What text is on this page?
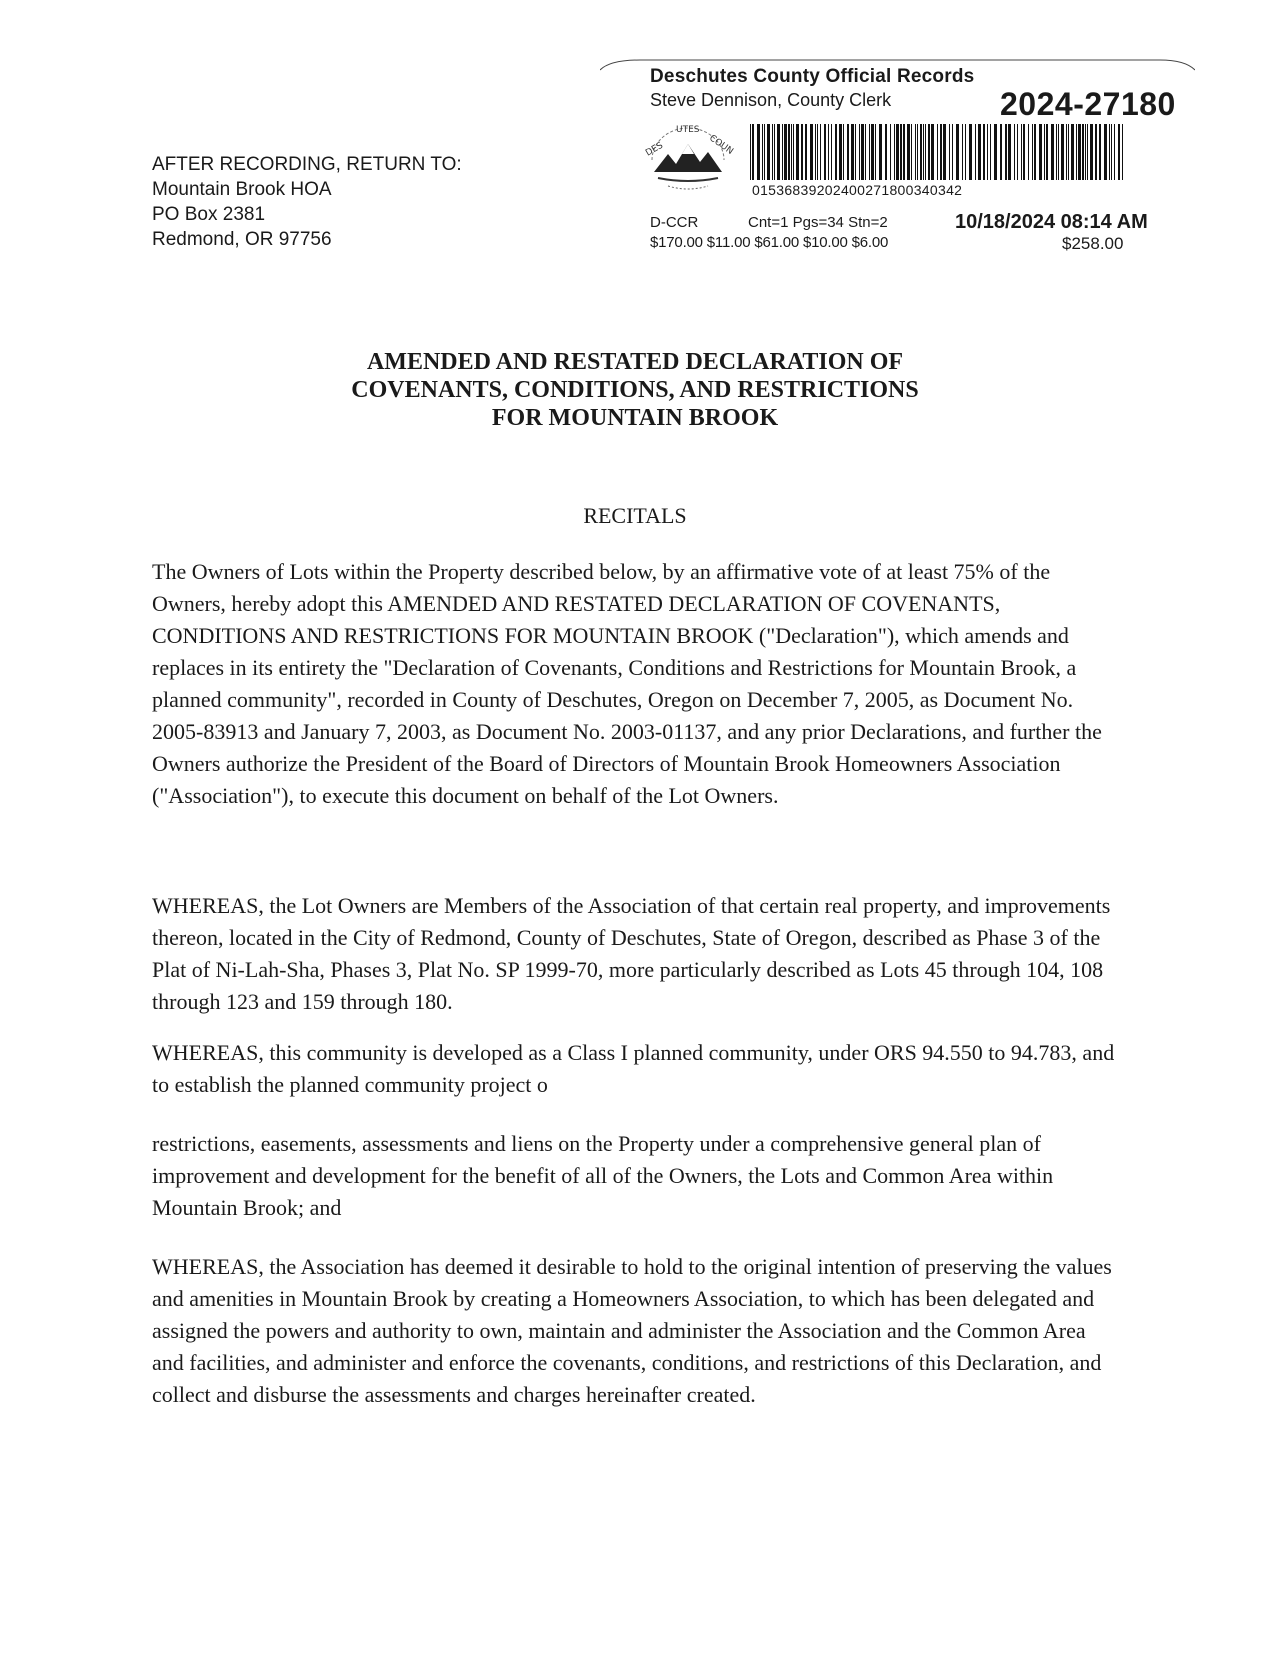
Deschutes County Official Records
Steve Dennison, County Clerk	2024-27180
DES
UTES
COUN
01536839202400271800340342
D-CCR	Cnt=1 Pgs=34 Stn=2
$170.00 $11.00 $61.00 $10.00 $6.00
10/18/2024 08:14 AM
$258.00
AFTER RECORDING, RETURN TO:
Mountain Brook HOA
PO Box 2381
Redmond, OR 97756
AMENDED AND RESTATED DECLARATION OF
COVENANTS, CONDITIONS, AND RESTRICTIONS
FOR MOUNTAIN BROOK
RECITALS

The Owners of Lots within the Property described below, by an affirmative vote of at least 75% of the Owners, hereby adopt this AMENDED AND RESTATED DECLARATION OF COVENANTS, CONDITIONS AND RESTRICTIONS FOR MOUNTAIN BROOK ("Declaration"), which amends and replaces in its entirety the "Declaration of Covenants, Conditions and Restrictions for Mountain Brook, a planned community", recorded in County of Deschutes, Oregon on December 7, 2005, as Document No. 2005-83913 and January 7, 2003, as Document No. 2003-01137, and any prior Declarations, and further the Owners authorize the President of the Board of Directors of Mountain Brook Homeowners Association ("Association"), to execute this document on behalf of the Lot Owners.

WHEREAS, the Lot Owners are Members of the Association of that certain real property, and improvements thereon, located in the City of Redmond, County of Deschutes, State of Oregon, described as Phase 3 of the Plat of Ni-Lah-Sha, Phases 3, Plat No. SP 1999-70, more particularly described as Lots 45 through 104, 108 through 123 and 159 through 180.

WHEREAS, this community is developed as a Class I planned community, under ORS 94.550 to 94.783, and to establish the planned community project o

restrictions, easements, assessments and liens on the Property under a comprehensive general plan of improvement and development for the benefit of all of the Owners, the Lots and Common Area within Mountain Brook; and

WHEREAS, the Association has deemed it desirable to hold to the original intention of preserving the values and amenities in Mountain Brook by creating a Homeowners Association, to which has been delegated and assigned the powers and authority to own, maintain and administer the Association and the Common Area and facilities, and administer and enforce the covenants, conditions, and restrictions of this Declaration, and collect and disburse the assessments and charges hereinafter created.
